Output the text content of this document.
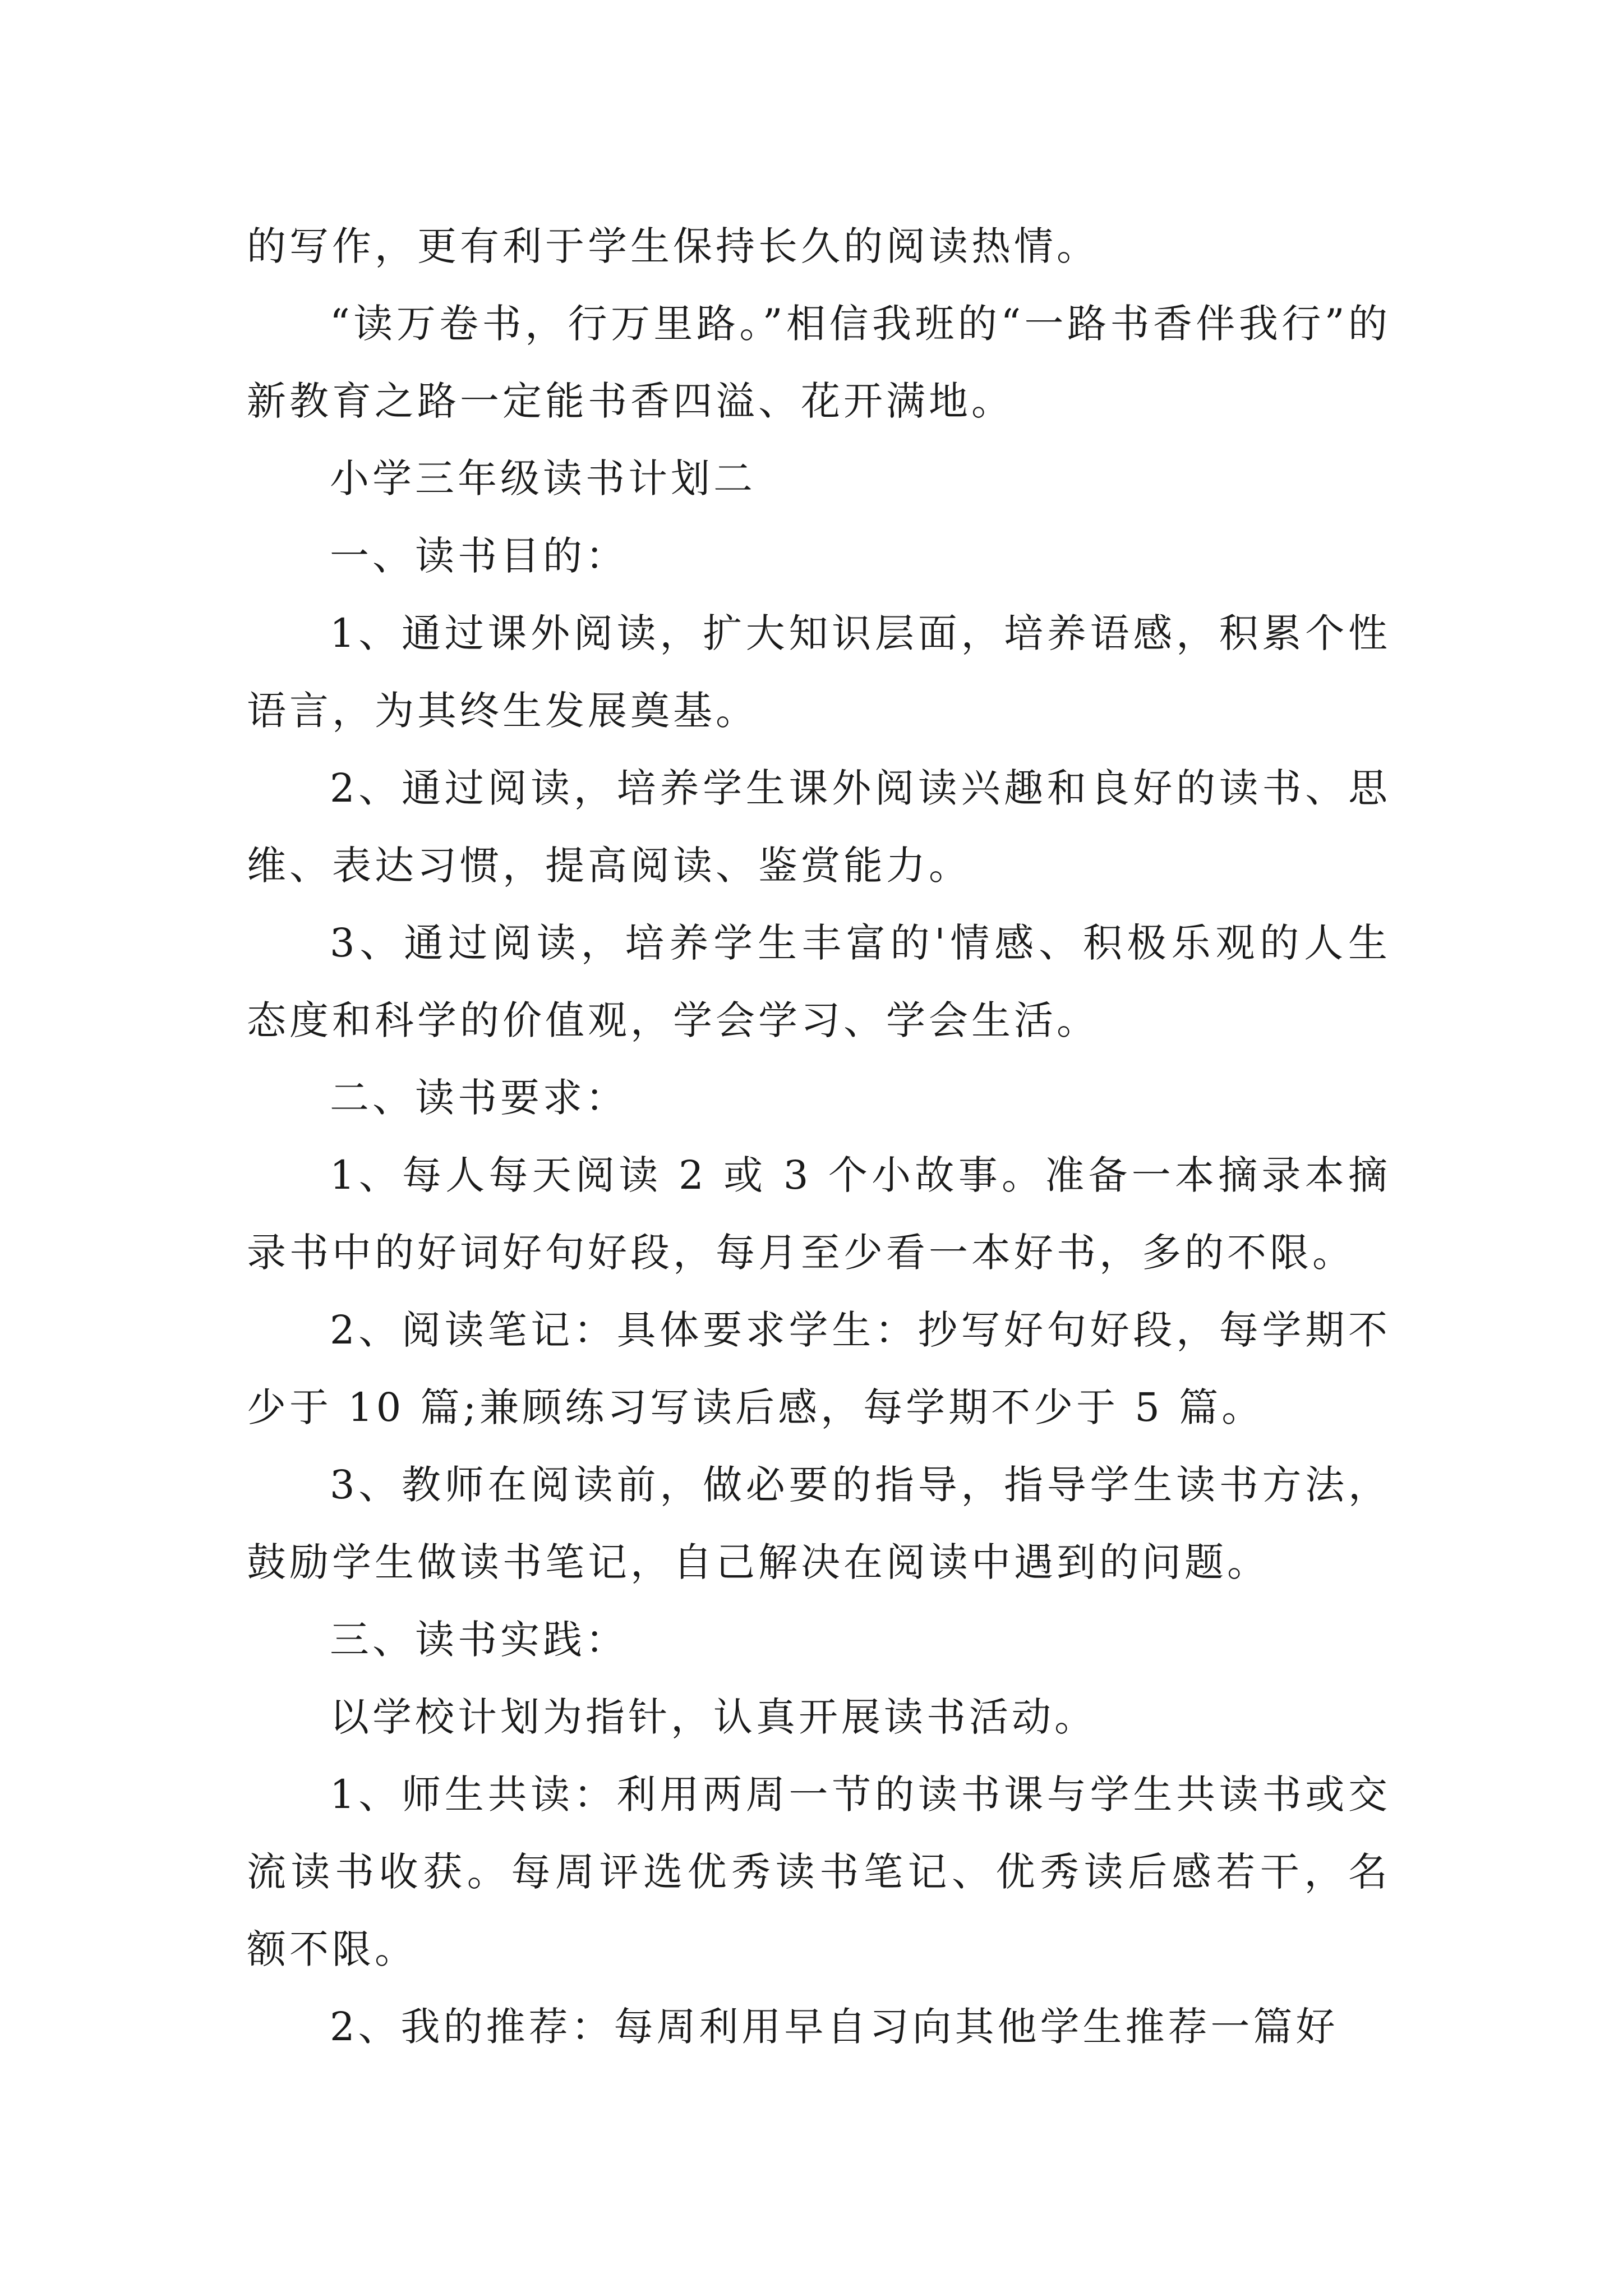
的写作，更有利于学生保持长久的阅读热情。

“读万卷书，行万里路。”相信我班的“一路书香伴我行”的新教育之路一定能书香四溢、花开满地。

小学三年级读书计划二

一、读书目的：

1、通过课外阅读，扩大知识层面，培养语感，积累个性语言，为其终生发展奠基。

2、通过阅读，培养学生课外阅读兴趣和良好的读书、思维、表达习惯，提高阅读、鉴赏能力。

3、通过阅读，培养学生丰富的'情感、积极乐观的人生态度和科学的价值观，学会学习、学会生活。

二、读书要求：

1、每人每天阅读 2 或 3 个小故事。准备一本摘录本摘录书中的好词好句好段，每月至少看一本好书，多的不限。

2、阅读笔记：具体要求学生：抄写好句好段，每学期不少于 10 篇;兼顾练习写读后感，每学期不少于 5 篇。

3、教师在阅读前，做必要的指导，指导学生读书方法，鼓励学生做读书笔记，自己解决在阅读中遇到的问题。

三、读书实践：

以学校计划为指针，认真开展读书活动。

1、师生共读：利用两周一节的读书课与学生共读书或交流读书收获。每周评选优秀读书笔记、优秀读后感若干，名额不限。

2、我的推荐：每周利用早自习向其他学生推荐一篇好
